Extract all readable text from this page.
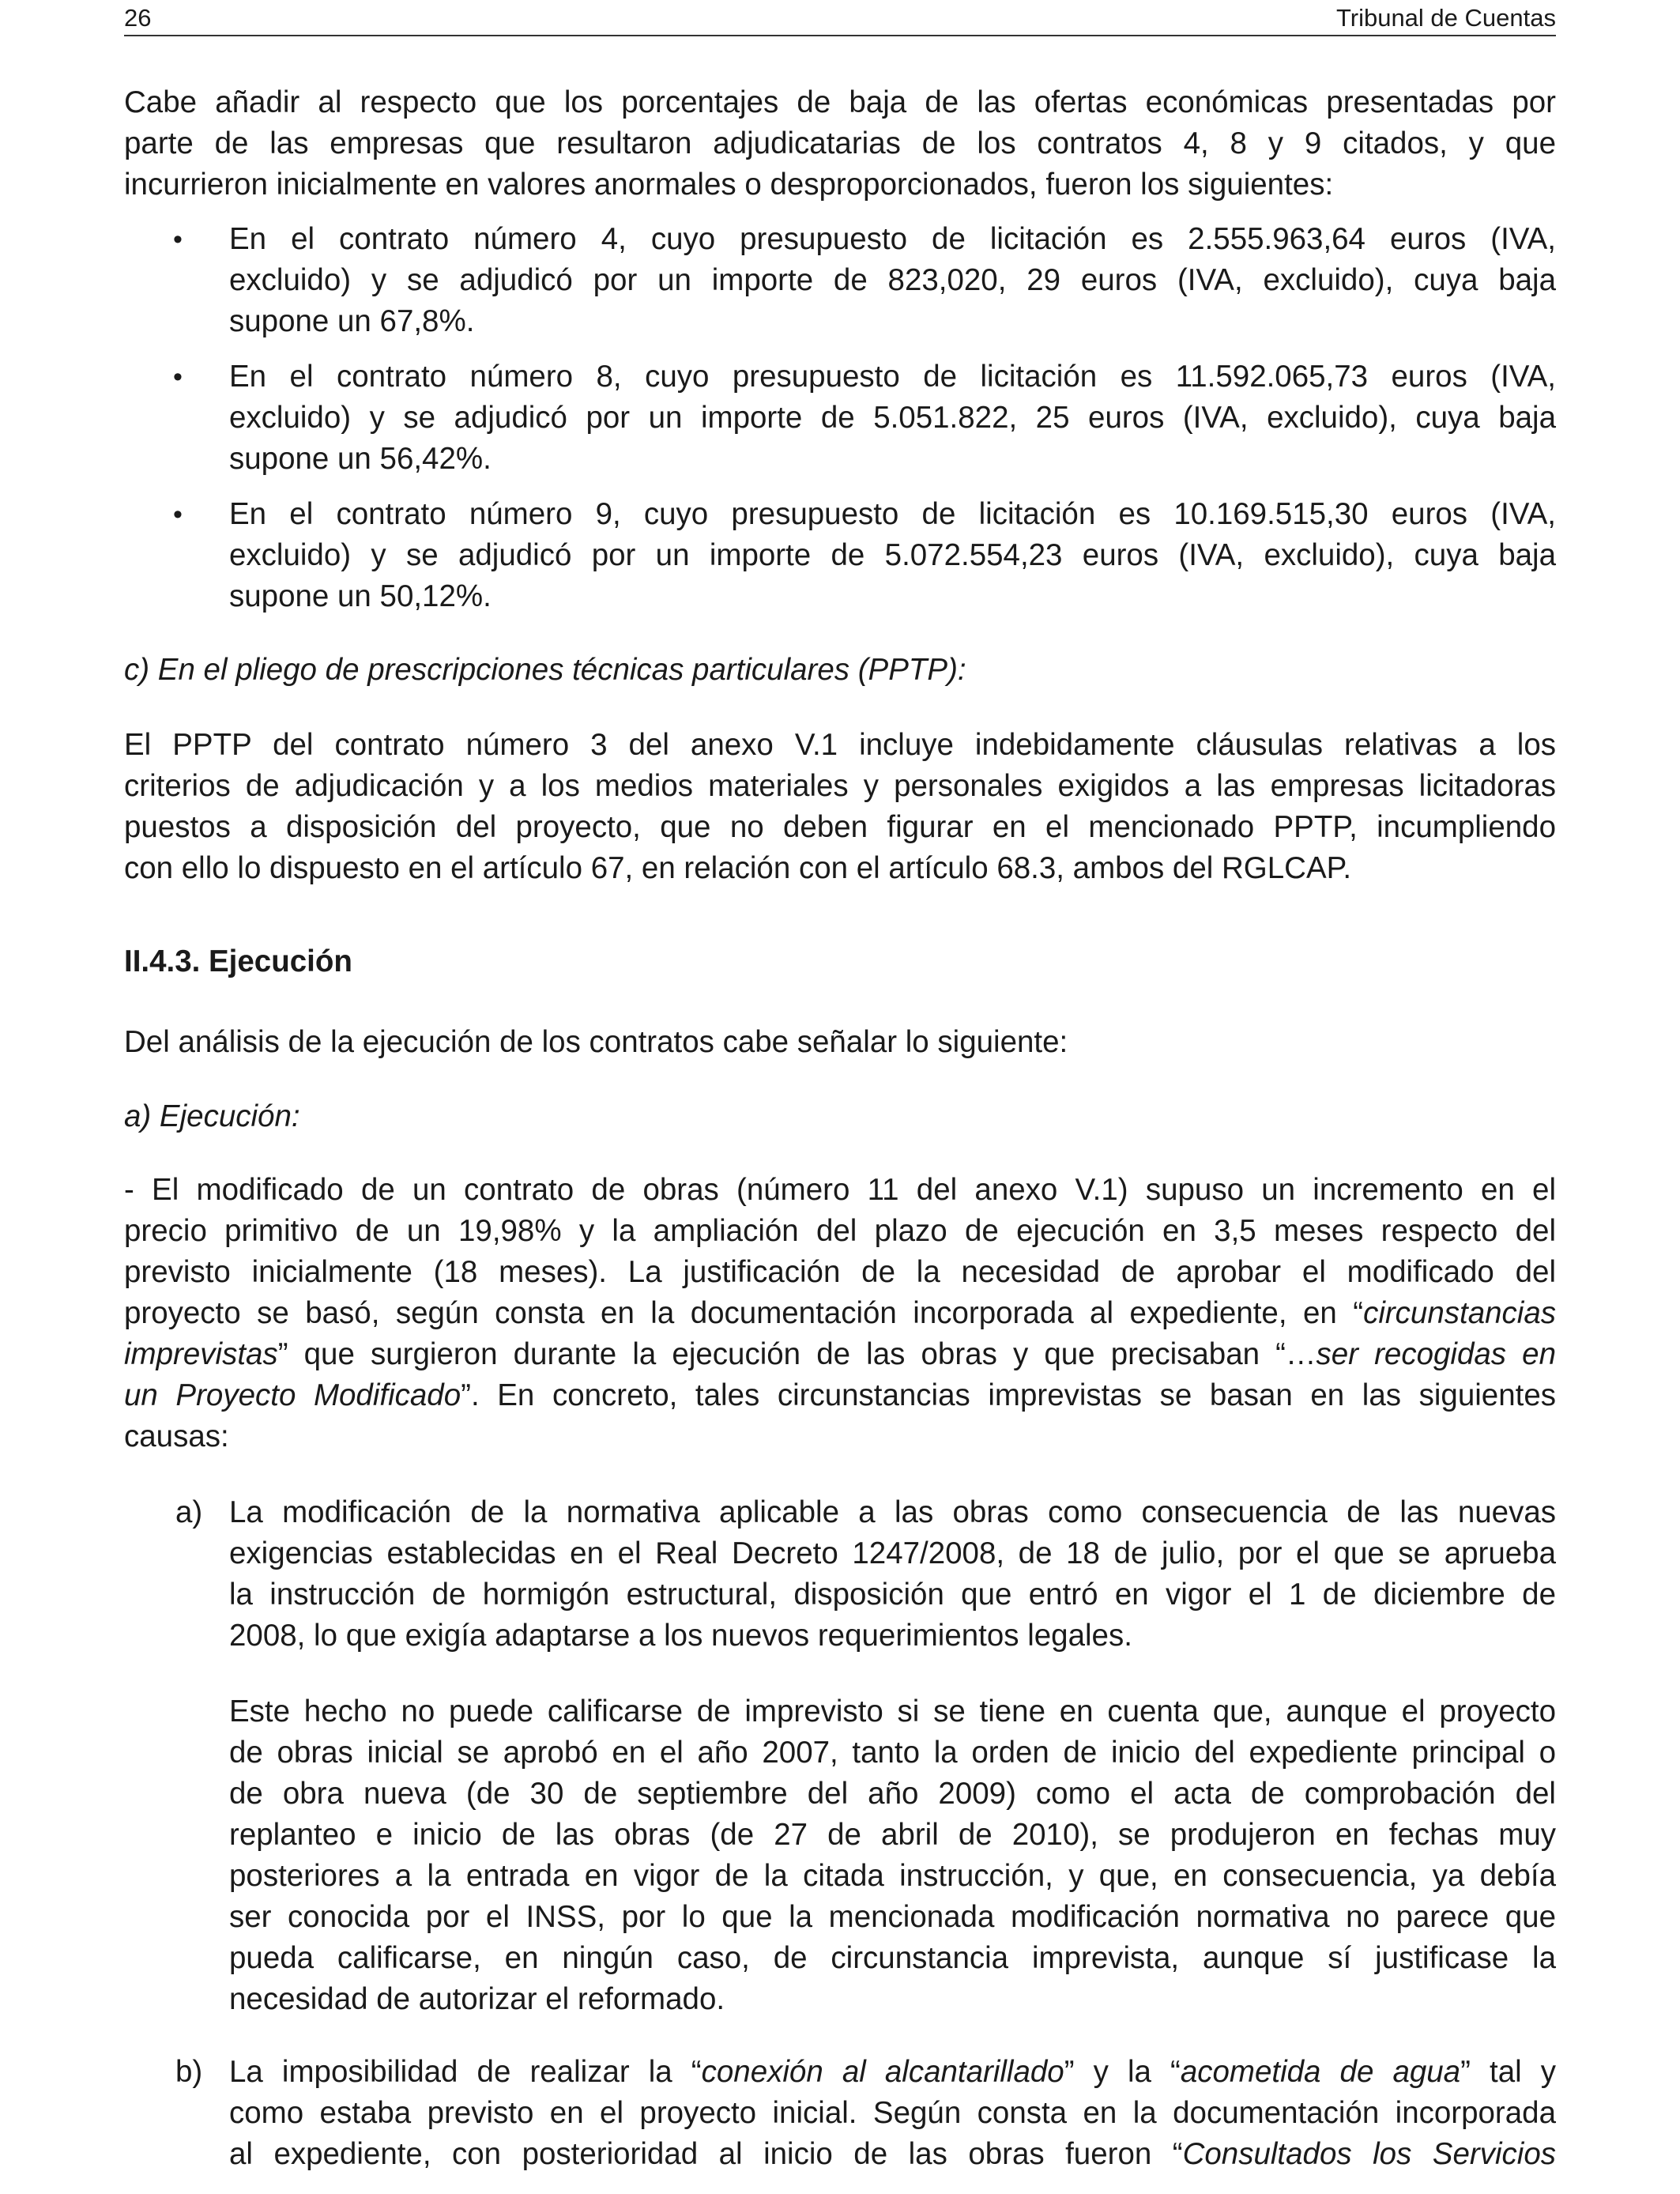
26	Tribunal de Cuentas

Cabe añadir al respecto que los porcentajes de baja de las ofertas económicas presentadas por
parte de las empresas que resultaron adjudicatarias de los contratos 4, 8 y 9 citados, y que
incurrieron inicialmente en valores anormales o desproporcionados, fueron los siguientes:

• En el contrato número 4, cuyo presupuesto de licitación es 2.555.963,64 euros (IVA,
excluido) y se adjudicó por un importe de 823,020, 29 euros (IVA, excluido), cuya baja
supone un 67,8%.
• En el contrato número 8, cuyo presupuesto de licitación es 11.592.065,73 euros (IVA,
excluido) y se adjudicó por un importe de 5.051.822, 25 euros (IVA, excluido), cuya baja
supone un 56,42%.
• En el contrato número 9, cuyo presupuesto de licitación es 10.169.515,30 euros (IVA,
excluido) y se adjudicó por un importe de 5.072.554,23 euros (IVA, excluido), cuya baja
supone un 50,12%.

c) En el pliego de prescripciones técnicas particulares (PPTP):

El PPTP del contrato número 3 del anexo V.1 incluye indebidamente cláusulas relativas a los
criterios de adjudicación y a los medios materiales y personales exigidos a las empresas licitadoras
puestos a disposición del proyecto, que no deben figurar en el mencionado PPTP, incumpliendo
con ello lo dispuesto en el artículo 67, en relación con el artículo 68.3, ambos del RGLCAP.

II.4.3. Ejecución

Del análisis de la ejecución de los contratos cabe señalar lo siguiente:

a) Ejecución:

- El modificado de un contrato de obras (número 11 del anexo V.1) supuso un incremento en el
precio primitivo de un 19,98% y la ampliación del plazo de ejecución en 3,5 meses respecto del
previsto inicialmente (18 meses). La justificación de la necesidad de aprobar el modificado del
proyecto se basó, según consta en la documentación incorporada al expediente, en “circunstancias
imprevistas” que surgieron durante la ejecución de las obras y que precisaban “…ser recogidas en
un Proyecto Modificado”. En concreto, tales circunstancias imprevistas se basan en las siguientes
causas:

a) La modificación de la normativa aplicable a las obras como consecuencia de las nuevas
exigencias establecidas en el Real Decreto 1247/2008, de 18 de julio, por el que se aprueba
la instrucción de hormigón estructural, disposición que entró en vigor el 1 de diciembre de
2008, lo que exigía adaptarse a los nuevos requerimientos legales.
Este hecho no puede calificarse de imprevisto si se tiene en cuenta que, aunque el proyecto
de obras inicial se aprobó en el año 2007, tanto la orden de inicio del expediente principal o
de obra nueva (de 30 de septiembre del año 2009) como el acta de comprobación del
replanteo e inicio de las obras (de 27 de abril de 2010), se produjeron en fechas muy
posteriores a la entrada en vigor de la citada instrucción, y que, en consecuencia, ya debía
ser conocida por el INSS, por lo que la mencionada modificación normativa no parece que
pueda calificarse, en ningún caso, de circunstancia imprevista, aunque sí justificase la
necesidad de autorizar el reformado.
b) La imposibilidad de realizar la “conexión al alcantarillado” y la “acometida de agua” tal y
como estaba previsto en el proyecto inicial. Según consta en la documentación incorporada
al expediente, con posterioridad al inicio de las obras fueron “Consultados los Servicios
